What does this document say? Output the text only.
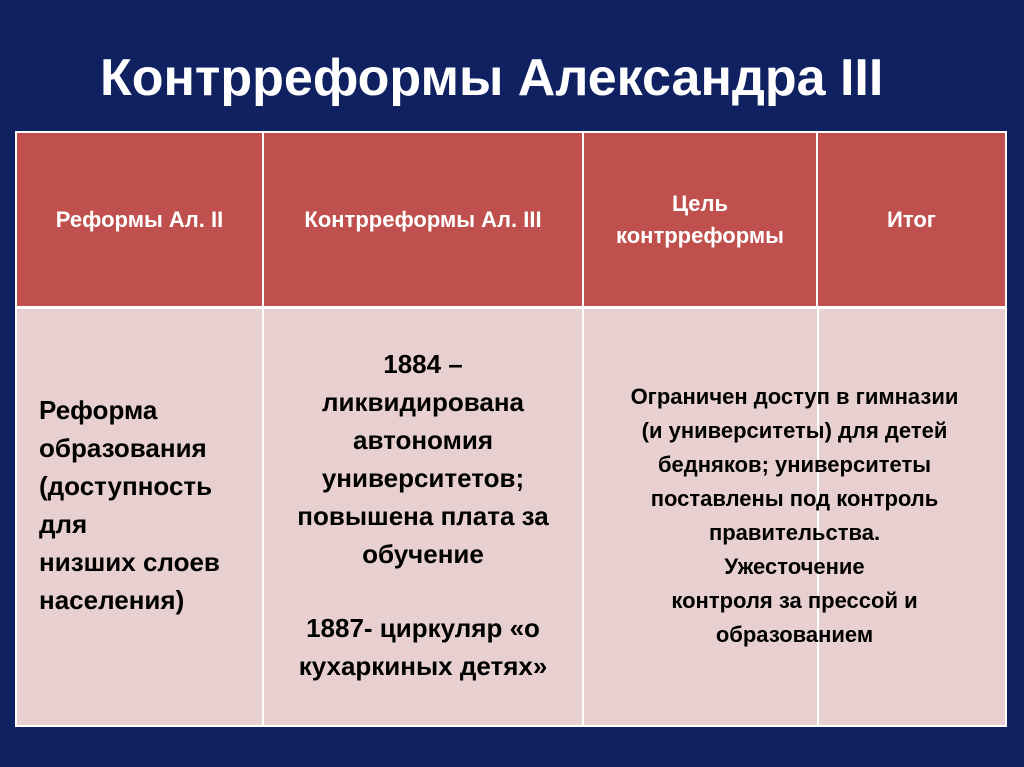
Контрреформы Александра III
Реформы Ал. II	Контрреформы Ал. III
Цель
контрреформы
Итог
Реформа
образования
(доступность
для
низших слоев
населения)
1884 –
ликвидирована
автономия
университетов;
повышена плата за
обучение
1887- циркуляр «о
кухаркиных детях»
Ограничен доступ в гимназии
(и университеты) для детей
бедняков; университеты
поставлены под контроль
правительства.
Ужесточение
контроля за прессой и
образованием
